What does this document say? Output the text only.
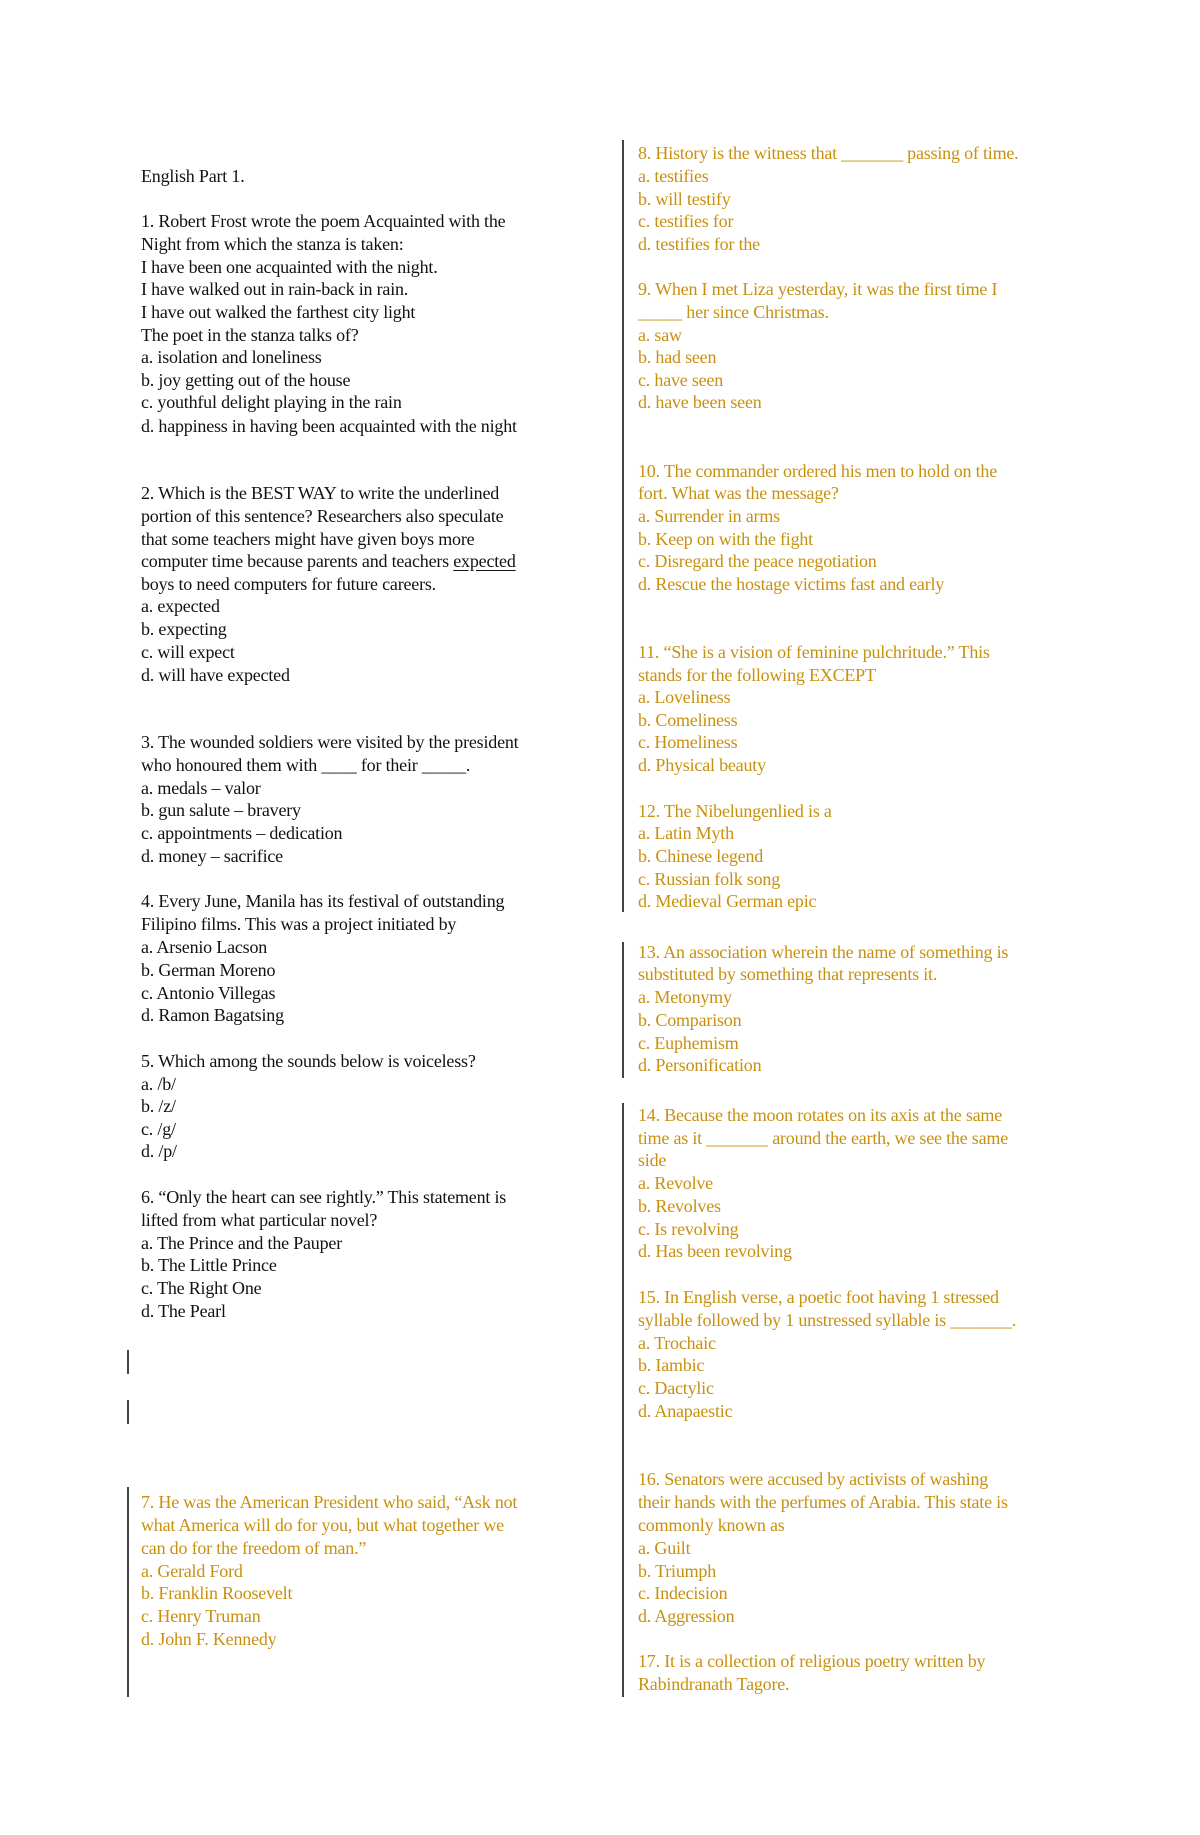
English Part 1.
1. Robert Frost wrote the poem Acquainted with the
Night from which the stanza is taken:
I have been one acquainted with the night.
I have walked out in rain-back in rain.
I have out walked the farthest city light
The poet in the stanza talks of?
a. isolation and loneliness
b. joy getting out of the house
c. youthful delight playing in the rain
d. happiness in having been acquainted with the night
2. Which is the BEST WAY to write the underlined
portion of this sentence? Researchers also speculate
that some teachers might have given boys more
computer time because parents and teachers expected
boys to need computers for future careers.
a. expected
b. expecting
c. will expect
d. will have expected
3. The wounded soldiers were visited by the president
who honoured them with ____ for their _____.
a. medals – valor
b. gun salute – bravery
c. appointments – dedication
d. money – sacrifice
4. Every June, Manila has its festival of outstanding
Filipino films. This was a project initiated by
a. Arsenio Lacson
b. German Moreno
c. Antonio Villegas
d. Ramon Bagatsing
5. Which among the sounds below is voiceless?
a. /b/
b. /z/
c. /g/
d. /p/
6. “Only the heart can see rightly.” This statement is
lifted from what particular novel?
a. The Prince and the Pauper
b. The Little Prince
c. The Right One
d. The Pearl
7. He was the American President who said, “Ask not
what America will do for you, but what together we
can do for the freedom of man.”
a. Gerald Ford
b. Franklin Roosevelt
c. Henry Truman
d. John F. Kennedy
8. History is the witness that _______ passing of time.
a. testifies
b. will testify
c. testifies for
d. testifies for the
9. When I met Liza yesterday, it was the first time I
_____ her since Christmas.
a. saw
b. had seen
c. have seen
d. have been seen
10. The commander ordered his men to hold on the
fort. What was the message?
a. Surrender in arms
b. Keep on with the fight
c. Disregard the peace negotiation
d. Rescue the hostage victims fast and early
11. “She is a vision of feminine pulchritude.” This
stands for the following EXCEPT
a. Loveliness
b. Comeliness
c. Homeliness
d. Physical beauty
12. The Nibelungenlied is a
a. Latin Myth
b. Chinese legend
c. Russian folk song
d. Medieval German epic
13. An association wherein the name of something is
substituted by something that represents it.
a. Metonymy
b. Comparison
c. Euphemism
d. Personification
14. Because the moon rotates on its axis at the same
time as it _______ around the earth, we see the same
side
a. Revolve
b. Revolves
c. Is revolving
d. Has been revolving
15. In English verse, a poetic foot having 1 stressed
syllable followed by 1 unstressed syllable is _______.
a. Trochaic
b. Iambic
c. Dactylic
d. Anapaestic
16. Senators were accused by activists of washing
their hands with the perfumes of Arabia. This state is
commonly known as
a. Guilt
b. Triumph
c. Indecision
d. Aggression
17. It is a collection of religious poetry written by
Rabindranath Tagore.
